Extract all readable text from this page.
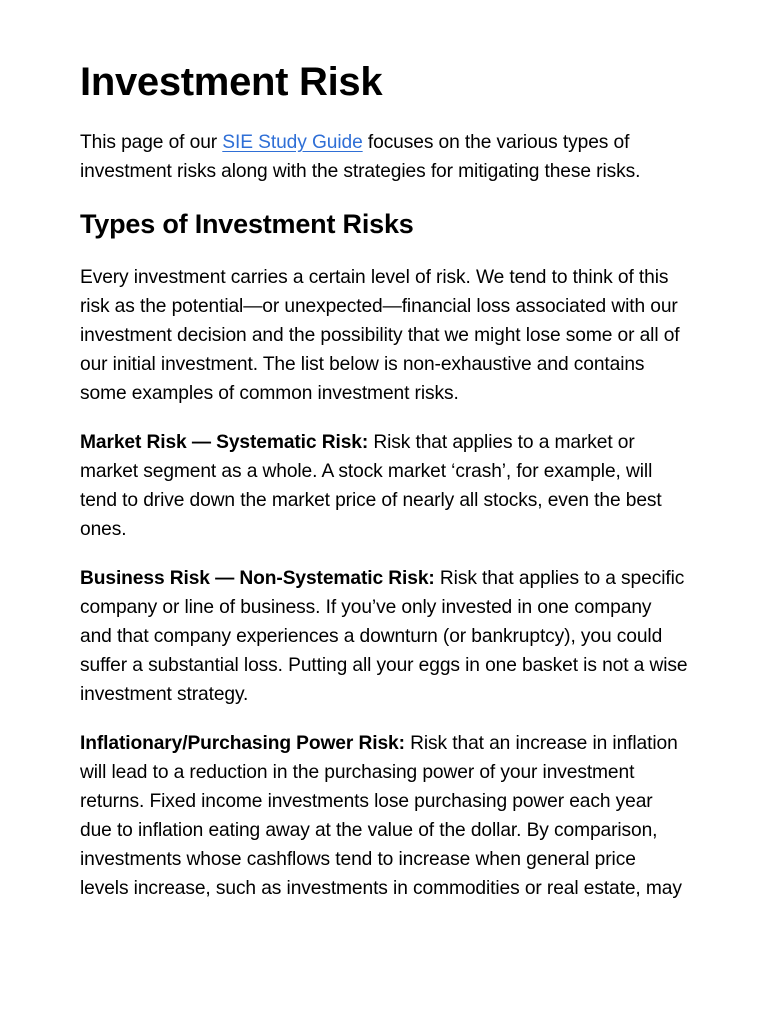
Investment Risk

This page of our SIE Study Guide focuses on the various types of investment risks along with the strategies for mitigating these risks.

Types of Investment Risks

Every investment carries a certain level of risk. We tend to think of this risk as the potential—or unexpected—financial loss associated with our investment decision and the possibility that we might lose some or all of our initial investment. The list below is non-exhaustive and contains some examples of common investment risks.

Market Risk — Systematic Risk: Risk that applies to a market or market segment as a whole. A stock market ‘crash’, for example, will tend to drive down the market price of nearly all stocks, even the best ones.

Business Risk — Non-Systematic Risk: Risk that applies to a specific company or line of business. If you’ve only invested in one company and that company experiences a downturn (or bankruptcy), you could suffer a substantial loss. Putting all your eggs in one basket is not a wise investment strategy.

Inflationary/Purchasing Power Risk: Risk that an increase in inflation will lead to a reduction in the purchasing power of your investment returns. Fixed income investments lose purchasing power each year due to inflation eating away at the value of the dollar. By comparison, investments whose cashflows tend to increase when general price levels increase, such as investments in commodities or real estate, may
